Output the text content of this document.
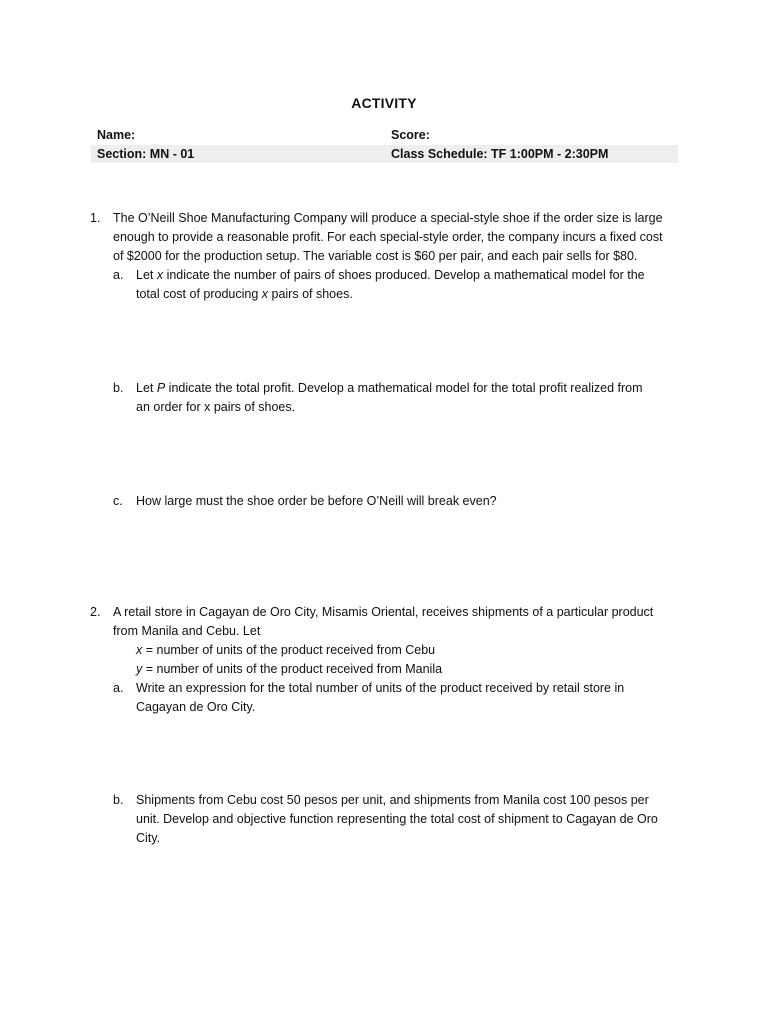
ACTIVITY
Name:	Score:
Section: MN - 01	Class Schedule: TF 1:00PM - 2:30PM
1. The O’Neill Shoe Manufacturing Company will produce a special-style shoe if the order size is large
enough to provide a reasonable profit. For each special-style order, the company incurs a fixed cost
of $2000 for the production setup. The variable cost is $60 per pair, and each pair sells for $80.
a. Let x indicate the number of pairs of shoes produced. Develop a mathematical model for the
total cost of producing x pairs of shoes.
b. Let P indicate the total profit. Develop a mathematical model for the total profit realized from
an order for x pairs of shoes.
c. How large must the shoe order be before O’Neill will break even?
2. A retail store in Cagayan de Oro City, Misamis Oriental, receives shipments of a particular product
from Manila and Cebu. Let
x = number of units of the product received from Cebu
y = number of units of the product received from Manila
a. Write an expression for the total number of units of the product received by retail store in
Cagayan de Oro City.
b. Shipments from Cebu cost 50 pesos per unit, and shipments from Manila cost 100 pesos per
unit. Develop and objective function representing the total cost of shipment to Cagayan de Oro
City.
